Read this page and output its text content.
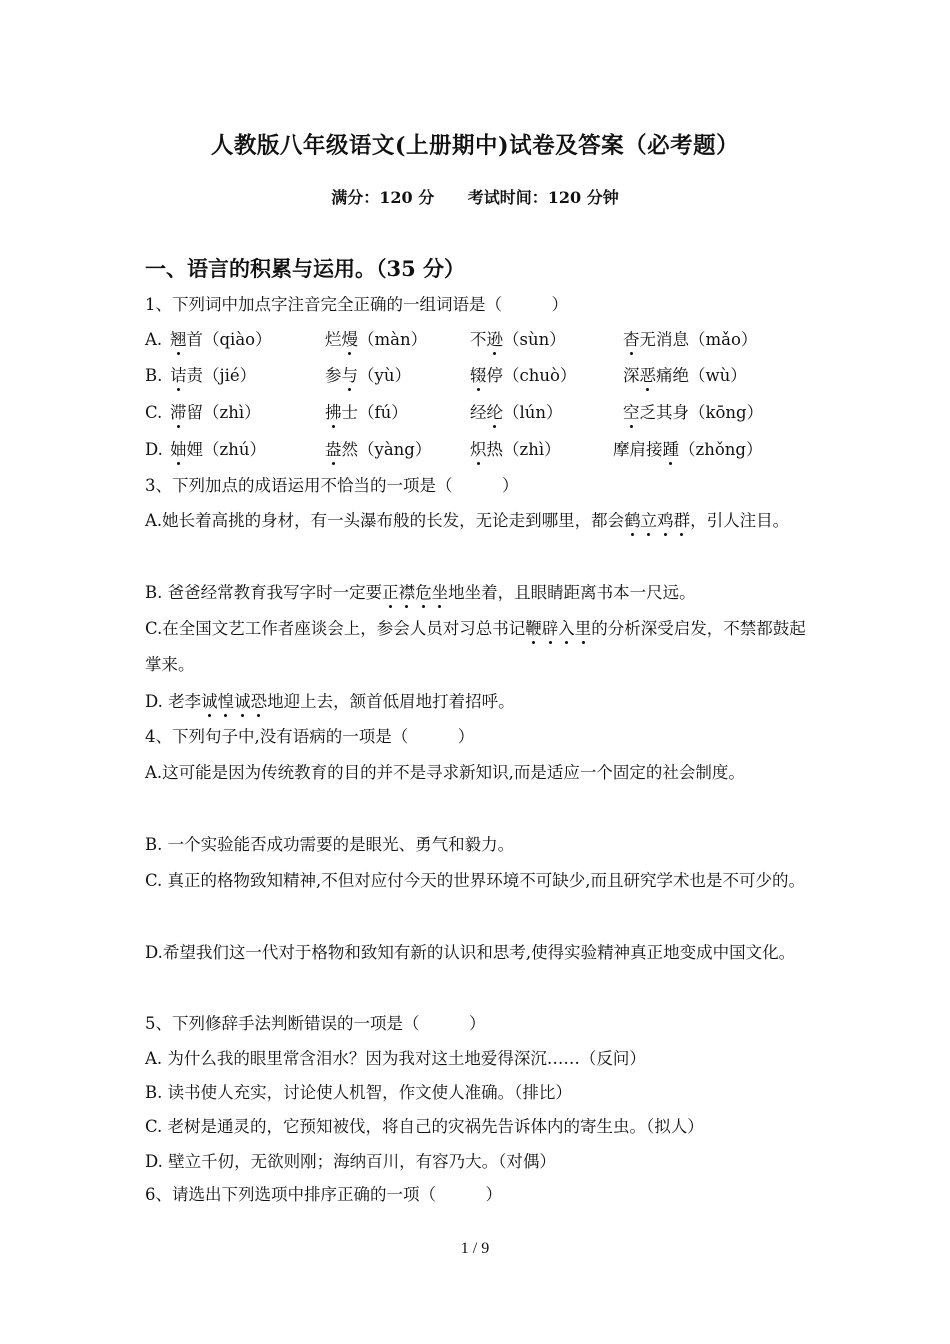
人教版八年级语文(上册期中)试卷及答案（必考题）
满分：120 分 考试时间：120 分钟
一、语言的积累与运用。（35 分）
1、下列词中加点字注音完全正确的一组词语是（　　　）
A. 翘首（qiào）	烂熳（màn）	不逊（sùn）	杳无消息（mǎo）
B. 诘责（jié）	参与（yù）	辍停（chuò）	深恶痛绝（wù）
C. 滞留（zhì）	拂士（fú）	经纶（lún）	空乏其身（kōng）
D. 妯娌（zhú）	盎然（yàng） 炽热（zhì）	摩肩接踵（zhǒng）
3、下列加点的成语运用不恰当的一项是（　　　）
A.她长着高挑的身材，有一头瀑布般的长发，无论走到哪里，都会鹤立鸡群，引人注目。
B. 爸爸经常教育我写字时一定要正襟危坐地坐着，且眼睛距离书本一尺远。
C.在全国文艺工作者座谈会上，参会人员对习总书记鞭辟入里的分析深受启发，不禁都鼓起掌来。
D. 老李诚惶诚恐地迎上去，颔首低眉地打着招呼。
4、下列句子中,没有语病的一项是（　　　）
A.这可能是因为传统教育的目的并不是寻求新知识,而是适应一个固定的社会制度。
B. 一个实验能否成功需要的是眼光、勇气和毅力。
C. 真正的格物致知精神,不但对应付今天的世界环境不可缺少,而且研究学术也是不可少的。
D.希望我们这一代对于格物和致知有新的认识和思考,使得实验精神真正地变成中国文化。
5、下列修辞手法判断错误的一项是（　　　）
A. 为什么我的眼里常含泪水？因为我对这土地爱得深沉……（反问）
B. 读书使人充实，讨论使人机智，作文使人准确。（排比）
C. 老树是通灵的，它预知被伐，将自己的灾祸先告诉体内的寄生虫。（拟人）
D. 壁立千仞，无欲则刚；海纳百川，有容乃大。（对偶）
6、请选出下列选项中排序正确的一项（　　　）
1 / 9
